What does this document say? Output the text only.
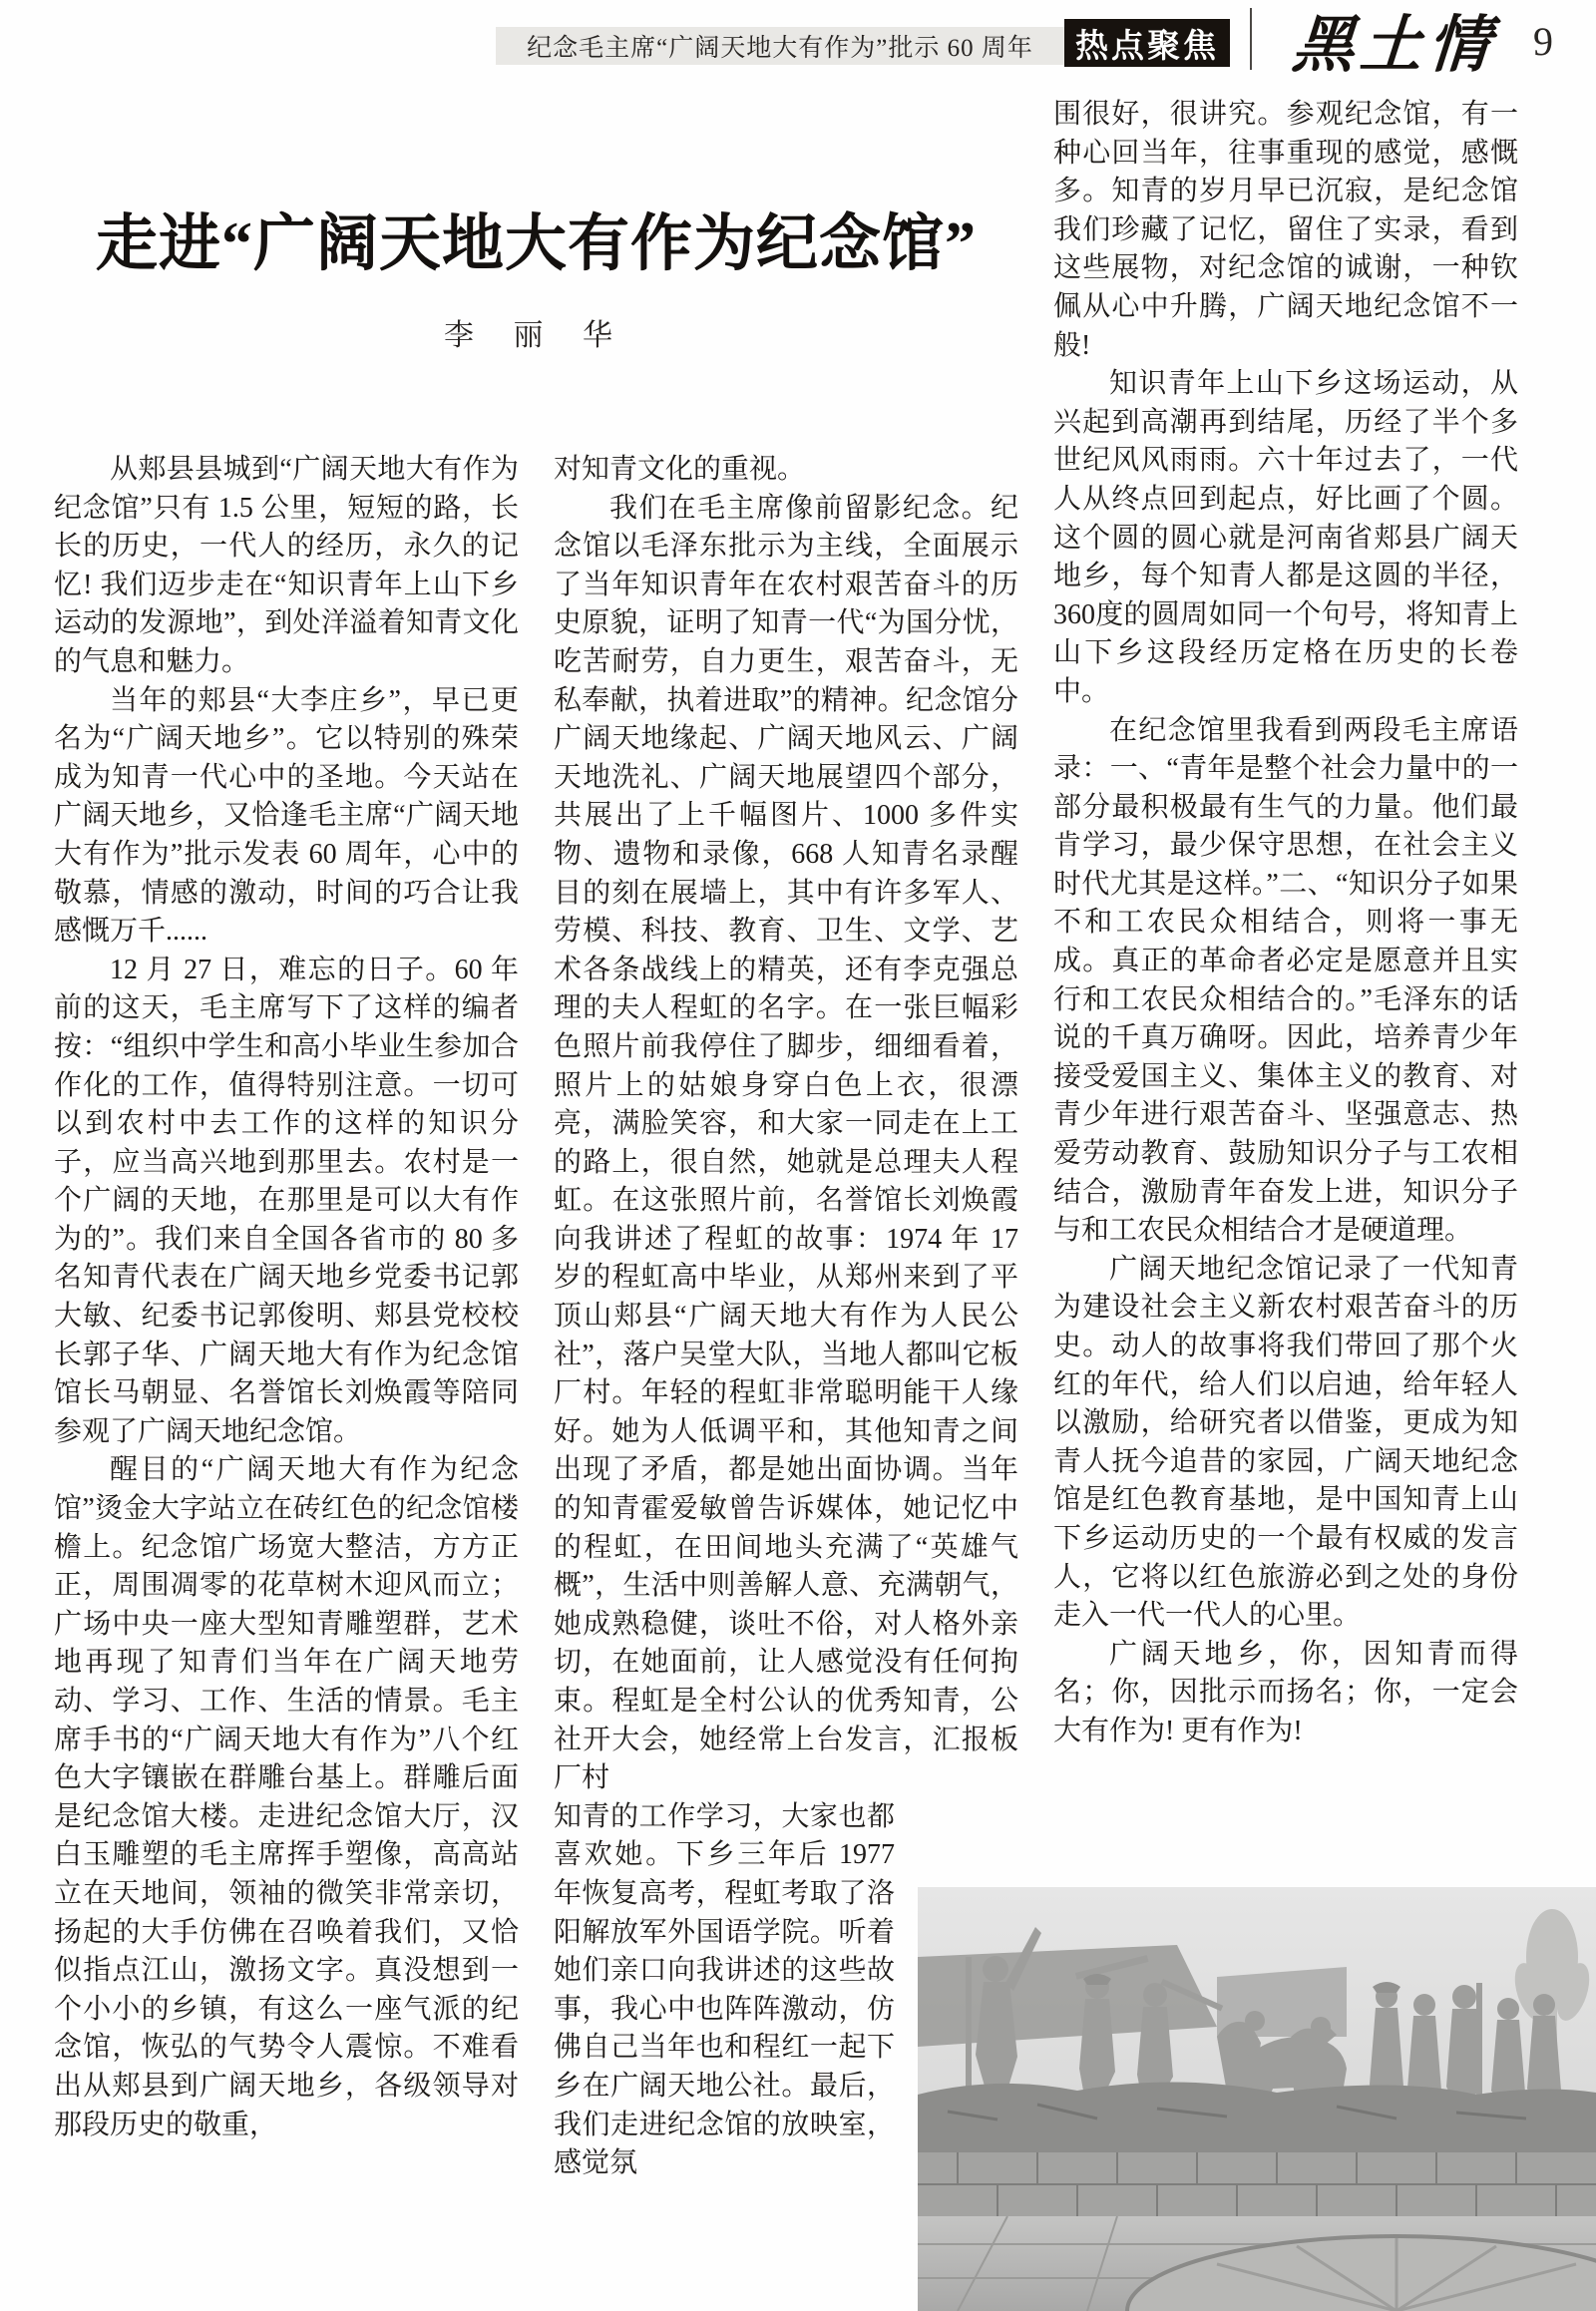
纪念毛主席“广阔天地大有作为”批示 60 周年 热点聚焦 黑土情 9
走进“广阔天地大有作为纪念馆”
李 丽 华

从郏县县城到“广阔天地大有作为纪念馆”只有 1.5 公里，短短的路，长长的历史，一代人的经历，永久的记忆! 我们迈步走在“知识青年上山下乡运动的发源地”，到处洋溢着知青文化的气息和魅力。

当年的郏县“大李庄乡”，早已更名为“广阔天地乡”。它以特别的殊荣成为知青一代心中的圣地。今天站在广阔天地乡，又恰逢毛主席“广阔天地大有作为”批示发表 60 周年，心中的敬慕，情感的激动，时间的巧合让我感慨万千......

12 月 27 日，难忘的日子。60 年前的这天，毛主席写下了这样的编者按：“组织中学生和高小毕业生参加合作化的工作，值得特别注意。一切可以到农村中去工作的这样的知识分子，应当高兴地到那里去。农村是一个广阔的天地，在那里是可以大有作为的”。我们来自全国各省市的 80 多名知青代表在广阔天地乡党委书记郭大敏、纪委书记郭俊明、郏县党校校长郭子华、广阔天地大有作为纪念馆馆长马朝显、名誉馆长刘焕霞等陪同参观了广阔天地纪念馆。

醒目的“广阔天地大有作为纪念馆”烫金大字站立在砖红色的纪念馆楼檐上。纪念馆广场宽大整洁，方方正正，周围凋零的花草树木迎风而立；广场中央一座大型知青雕塑群，艺术地再现了知青们当年在广阔天地劳动、学习、工作、生活的情景。毛主席手书的“广阔天地大有作为”八个红色大字镶嵌在群雕台基上。群雕后面是纪念馆大楼。走进纪念馆大厅，汉白玉雕塑的毛主席挥手塑像，高高站立在天地间，领袖的微笑非常亲切，扬起的大手仿佛在召唤着我们，又恰似指点江山，激扬文字。真没想到一个小小的乡镇，有这么一座气派的纪念馆，恢弘的气势令人震惊。不难看出从郏县到广阔天地乡，各级领导对那段历史的敬重，

对知青文化的重视。

我们在毛主席像前留影纪念。纪念馆以毛泽东批示为主线，全面展示了当年知识青年在农村艰苦奋斗的历史原貌，证明了知青一代“为国分忧，吃苦耐劳，自力更生，艰苦奋斗，无私奉献，执着进取”的精神。纪念馆分广阔天地缘起、广阔天地风云、广阔天地洗礼、广阔天地展望四个部分，共展出了上千幅图片、1000 多件实物、遗物和录像，668 人知青名录醒目的刻在展墙上，其中有许多军人、劳模、科技、教育、卫生、文学、艺术各条战线上的精英，还有李克强总理的夫人程虹的名字。在一张巨幅彩色照片前我停住了脚步，细细看着，照片上的姑娘身穿白色上衣，很漂亮，满脸笑容，和大家一同走在上工的路上，很自然，她就是总理夫人程虹。在这张照片前，名誉馆长刘焕霞向我讲述了程虹的故事：1974 年 17 岁的程虹高中毕业，从郑州来到了平顶山郏县“广阔天地大有作为人民公社”，落户吴堂大队，当地人都叫它板厂村。年轻的程虹非常聪明能干人缘好。她为人低调平和，其他知青之间出现了矛盾，都是她出面协调。当年的知青霍爱敏曾告诉媒体，她记忆中的程虹，在田间地头充满了“英雄气概”，生活中则善解人意、充满朝气，她成熟稳健，谈吐不俗，对人格外亲切，在她面前，让人感觉没有任何拘束。程虹是全村公认的优秀知青，公社开大会，她经常上台发言，汇报板厂村

知青的工作学习，大家也都喜欢她。下乡三年后 1977 年恢复高考，程虹考取了洛阳解放军外国语学院。听着她们亲口向我讲述的这些故事，我心中也阵阵激动，仿佛自己当年也和程红一起下乡在广阔天地公社。最后，我们走进纪念馆的放映室，感觉氛

围很好，很讲究。参观纪念馆，有一种心回当年，往事重现的感觉，感慨多。知青的岁月早已沉寂，是纪念馆我们珍藏了记忆，留住了实录，看到这些展物，对纪念馆的诚谢，一种钦佩从心中升腾，广阔天地纪念馆不一般!

知识青年上山下乡这场运动，从兴起到高潮再到结尾，历经了半个多世纪风风雨雨。六十年过去了，一代人从终点回到起点，好比画了个圆。这个圆的圆心就是河南省郏县广阔天地乡，每个知青人都是这圆的半径，360度的圆周如同一个句号，将知青上山下乡这段经历定格在历史的长卷中。

在纪念馆里我看到两段毛主席语录：一、“青年是整个社会力量中的一部分最积极最有生气的力量。他们最肯学习，最少保守思想，在社会主义时代尤其是这样。”二、“知识分子如果不和工农民众相结合，则将一事无成。真正的革命者必定是愿意并且实行和工农民众相结合的。”毛泽东的话说的千真万确呀。因此，培养青少年接受爱国主义、集体主义的教育、对青少年进行艰苦奋斗、坚强意志、热爱劳动教育、鼓励知识分子与工农相结合，激励青年奋发上进，知识分子与和工农民众相结合才是硬道理。

广阔天地纪念馆记录了一代知青为建设社会主义新农村艰苦奋斗的历史。动人的故事将我们带回了那个火红的年代，给人们以启迪，给年轻人以激励，给研究者以借鉴，更成为知青人抚今追昔的家园，广阔天地纪念馆是红色教育基地，是中国知青上山下乡运动历史的一个最有权威的发言人，它将以红色旅游必到之处的身份走入一代一代人的心里。

广阔天地乡，你，因知青而得名；你，因批示而扬名；你，一定会大有作为! 更有作为!
